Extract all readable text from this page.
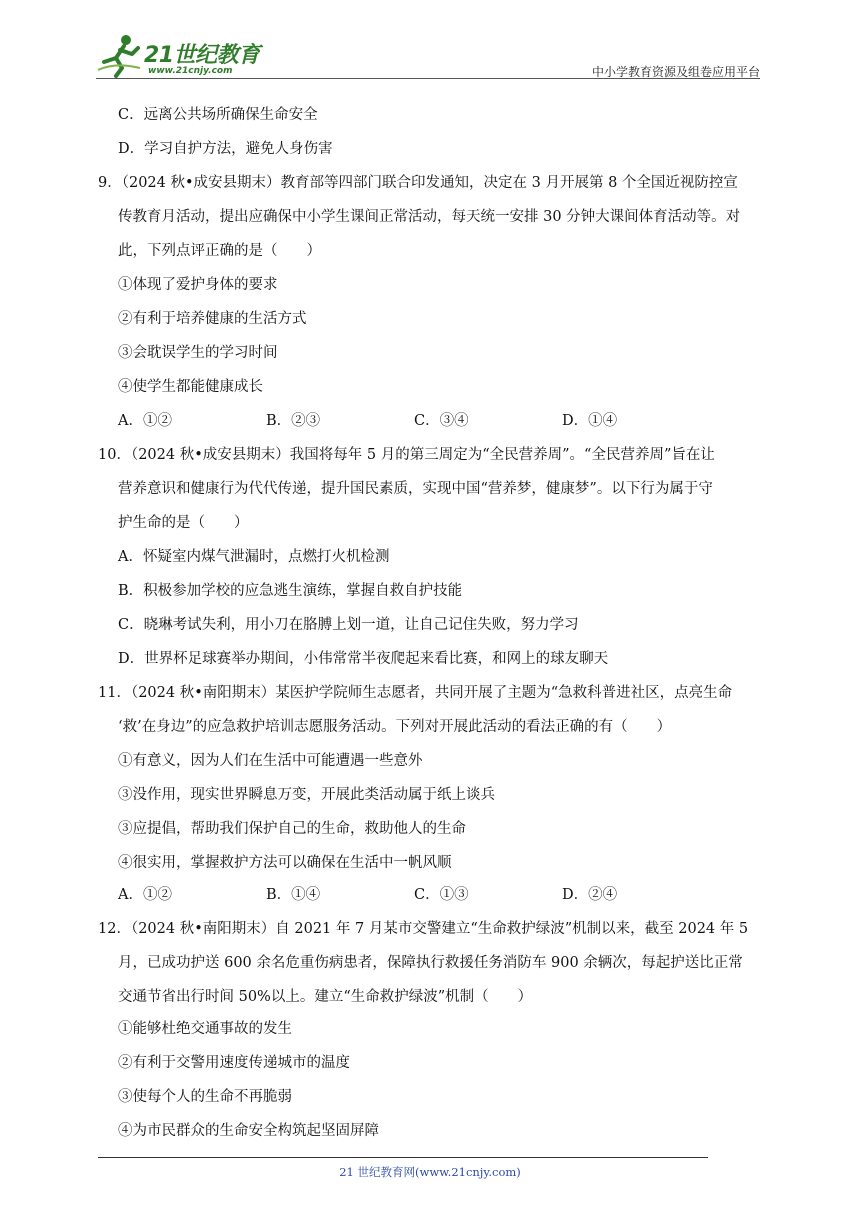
21世纪教育
www.21cnjy.com	中小学教育资源及组卷应用平台
C．远离公共场所确保生命安全
D．学习自护方法，避免人身伤害
9．（2024 秋•成安县期末）教育部等四部门联合印发通知，决定在 3 月开展第 8 个全国近视防控宣
传教育月活动，提出应确保中小学生课间正常活动，每天统一安排 30 分钟大课间体育活动等。对
此，下列点评正确的是（　　）
①体现了爱护身体的要求
②有利于培养健康的生活方式
③会耽误学生的学习时间
④使学生都能健康成长
A．①②	B．②③	C．③④	D．①④
10．（2024 秋•成安县期末）我国将每年 5 月的第三周定为“全民营养周”。“全民营养周”旨在让
营养意识和健康行为代代传递，提升国民素质，实现中国“营养梦，健康梦”。以下行为属于守
护生命的是（　　）
A．怀疑室内煤气泄漏时，点燃打火机检测
B．积极参加学校的应急逃生演练，掌握自救自护技能
C．晓琳考试失利，用小刀在胳膊上划一道，让自己记住失败，努力学习
D．世界杯足球赛举办期间，小伟常常半夜爬起来看比赛，和网上的球友聊天
11．（2024 秋•南阳期末）某医护学院师生志愿者，共同开展了主题为“急救科普进社区，点亮生命
‘救’在身边”的应急救护培训志愿服务活动。下列对开展此活动的看法正确的有（　　）
①有意义，因为人们在生活中可能遭遇一些意外
③没作用，现实世界瞬息万变，开展此类活动属于纸上谈兵
③应提倡，帮助我们保护自己的生命，救助他人的生命
④很实用，掌握救护方法可以确保在生活中一帆风顺
A．①②	B．①④	C．①③	D．②④
12．（2024 秋•南阳期末）自 2021 年 7 月某市交警建立“生命救护绿波”机制以来，截至 2024 年 5
月，已成功护送 600 余名危重伤病患者，保障执行救援任务消防车 900 余辆次，每起护送比正常
交通节省出行时间 50%以上。建立“生命救护绿波”机制（　　）
①能够杜绝交通事故的发生
②有利于交警用速度传递城市的温度
③使每个人的生命不再脆弱
④为市民群众的生命安全构筑起坚固屏障
21 世纪教育网(www.21cnjy.com)
